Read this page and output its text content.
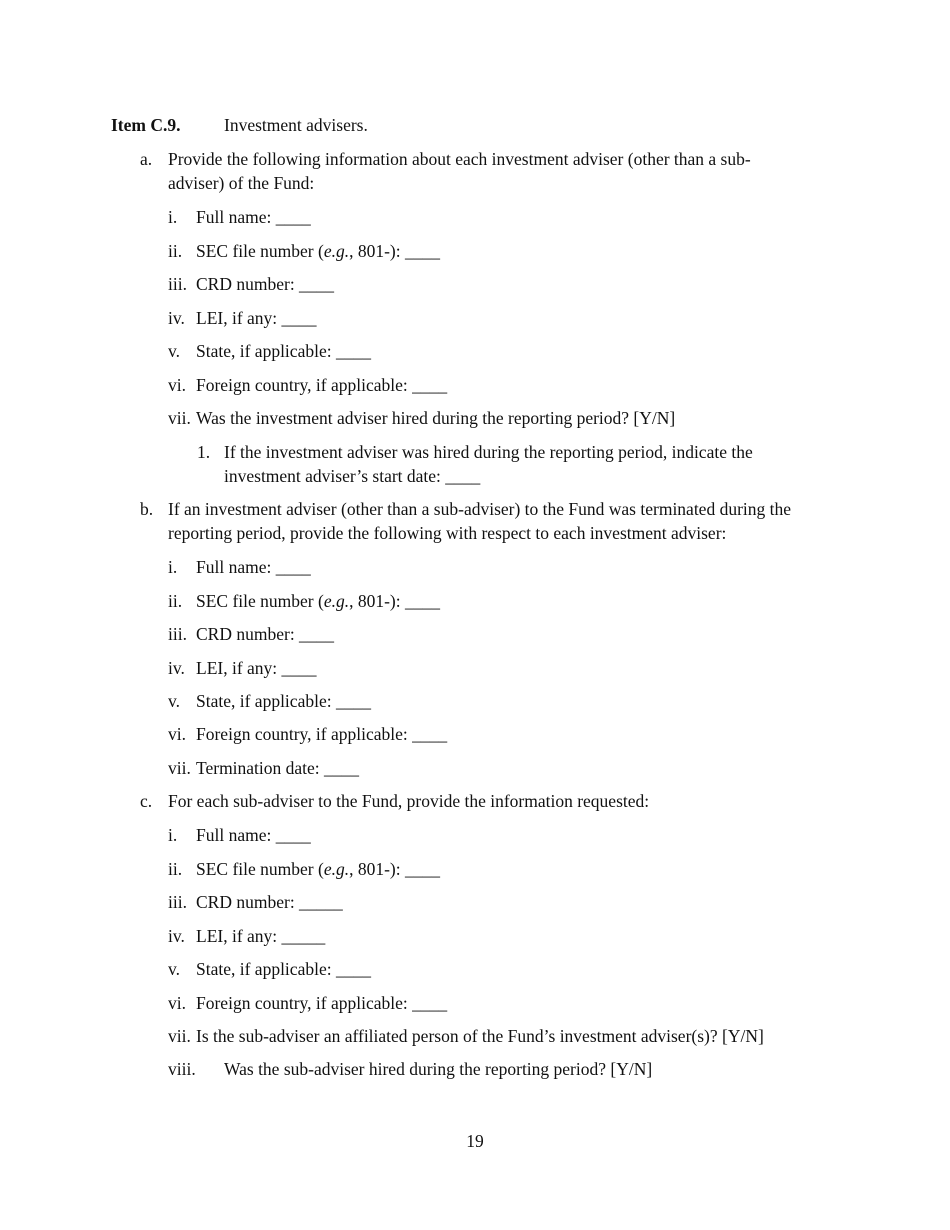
Item C.9. Investment advisers.
a. Provide the following information about each investment adviser (other than a sub-
adviser) of the Fund:
i. Full name: ____
ii. SEC file number (e.g., 801-): ____
iii. CRD number: ____
iv. LEI, if any: ____
v. State, if applicable: ____
vi. Foreign country, if applicable: ____
vii. Was the investment adviser hired during the reporting period? [Y/N]
1. If the investment adviser was hired during the reporting period, indicate the
investment adviser’s start date: ____
b. If an investment adviser (other than a sub-adviser) to the Fund was terminated during the
reporting period, provide the following with respect to each investment adviser:
i. Full name: ____
ii. SEC file number (e.g., 801-): ____
iii. CRD number: ____
iv. LEI, if any: ____
v. State, if applicable: ____
vi. Foreign country, if applicable: ____
vii. Termination date: ____
c. For each sub-adviser to the Fund, provide the information requested:
i. Full name: ____
ii. SEC file number (e.g., 801-): ____
iii. CRD number: _____
iv. LEI, if any: _____
v. State, if applicable: ____
vi. Foreign country, if applicable: ____
vii. Is the sub-adviser an affiliated person of the Fund’s investment adviser(s)? [Y/N]
viii. Was the sub-adviser hired during the reporting period? [Y/N]
19
